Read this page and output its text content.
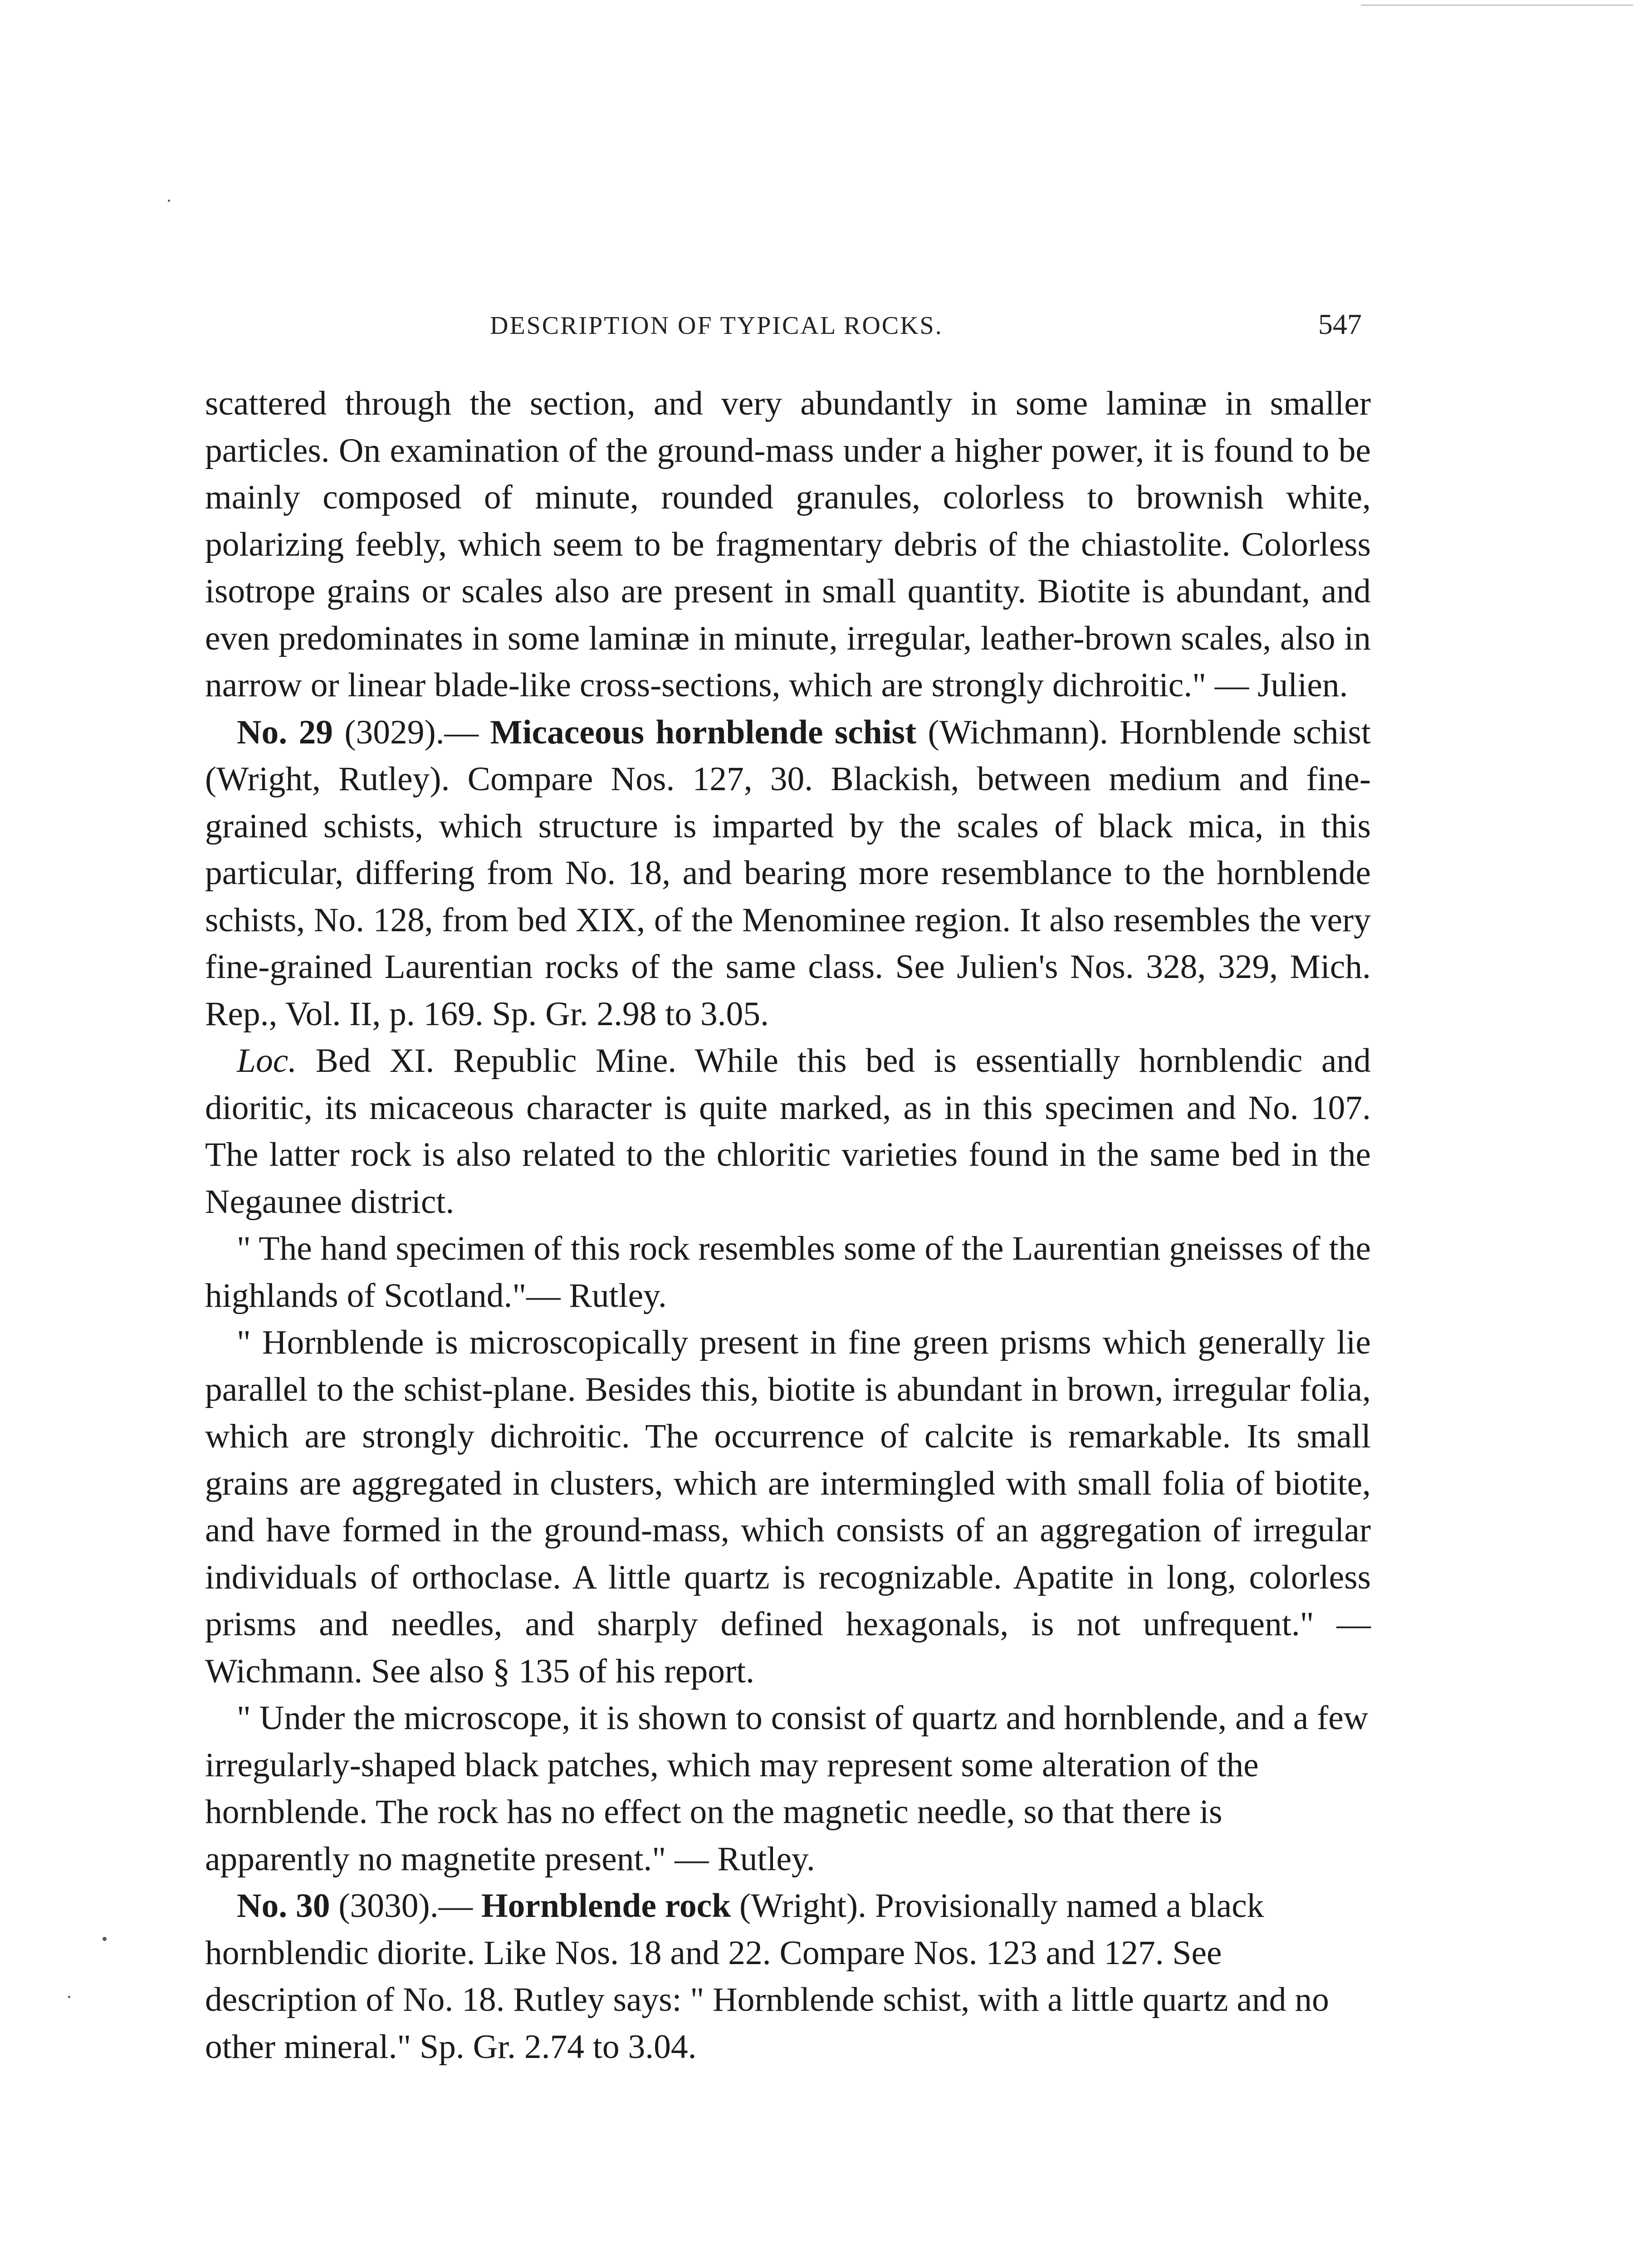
DESCRIPTION OF TYPICAL ROCKS.	547

scattered through the section, and very abundantly in some laminæ in smaller particles. On examination of the ground-mass under a higher power, it is found to be mainly composed of minute, rounded granules, colorless to brownish white, polarizing feebly, which seem to be fragmentary debris of the chiastolite. Colorless isotrope grains or scales also are present in small quantity. Biotite is abundant, and even predominates in some laminæ in minute, irregular, leather-brown scales, also in narrow or linear blade-like cross-sections, which are strongly dichroitic." — Julien.

No. 29 (3029).— Micaceous hornblende schist (Wichmann). Hornblende schist (Wright, Rutley). Compare Nos. 127, 30. Blackish, between medium and fine-grained schists, which structure is imparted by the scales of black mica, in this particular, differing from No. 18, and bearing more resemblance to the hornblende schists, No. 128, from bed XIX, of the Menominee region. It also resembles the very fine-grained Laurentian rocks of the same class. See Julien's Nos. 328, 329, Mich. Rep., Vol. II, p. 169. Sp. Gr. 2.98 to 3.05.

Loc. Bed XI. Republic Mine. While this bed is essentially hornblendic and dioritic, its micaceous character is quite marked, as in this specimen and No. 107. The latter rock is also related to the chloritic varieties found in the same bed in the Negaunee district.

" The hand specimen of this rock resembles some of the Laurentian gneisses of the highlands of Scotland."— Rutley.

" Hornblende is microscopically present in fine green prisms which generally lie parallel to the schist-plane. Besides this, biotite is abundant in brown, irregular folia, which are strongly dichroitic. The occurrence of calcite is remarkable. Its small grains are aggregated in clusters, which are intermingled with small folia of biotite, and have formed in the ground-mass, which consists of an aggregation of irregular individuals of orthoclase. A little quartz is recognizable. Apatite in long, colorless prisms and needles, and sharply defined hexagonals, is not unfrequent." —Wichmann. See also § 135 of his report.

" Under the microscope, it is shown to consist of quartz and hornblende, and a few irregularly-shaped black patches, which may represent some alteration of the hornblende. The rock has no effect on the magnetic needle, so that there is apparently no magnetite present." — Rutley.

No. 30 (3030).— Hornblende rock (Wright). Provisionally named a black hornblendic diorite. Like Nos. 18 and 22. Compare Nos. 123 and 127. See description of No. 18. Rutley says: " Hornblende schist, with a little quartz and no other mineral." Sp. Gr. 2.74 to 3.04.
